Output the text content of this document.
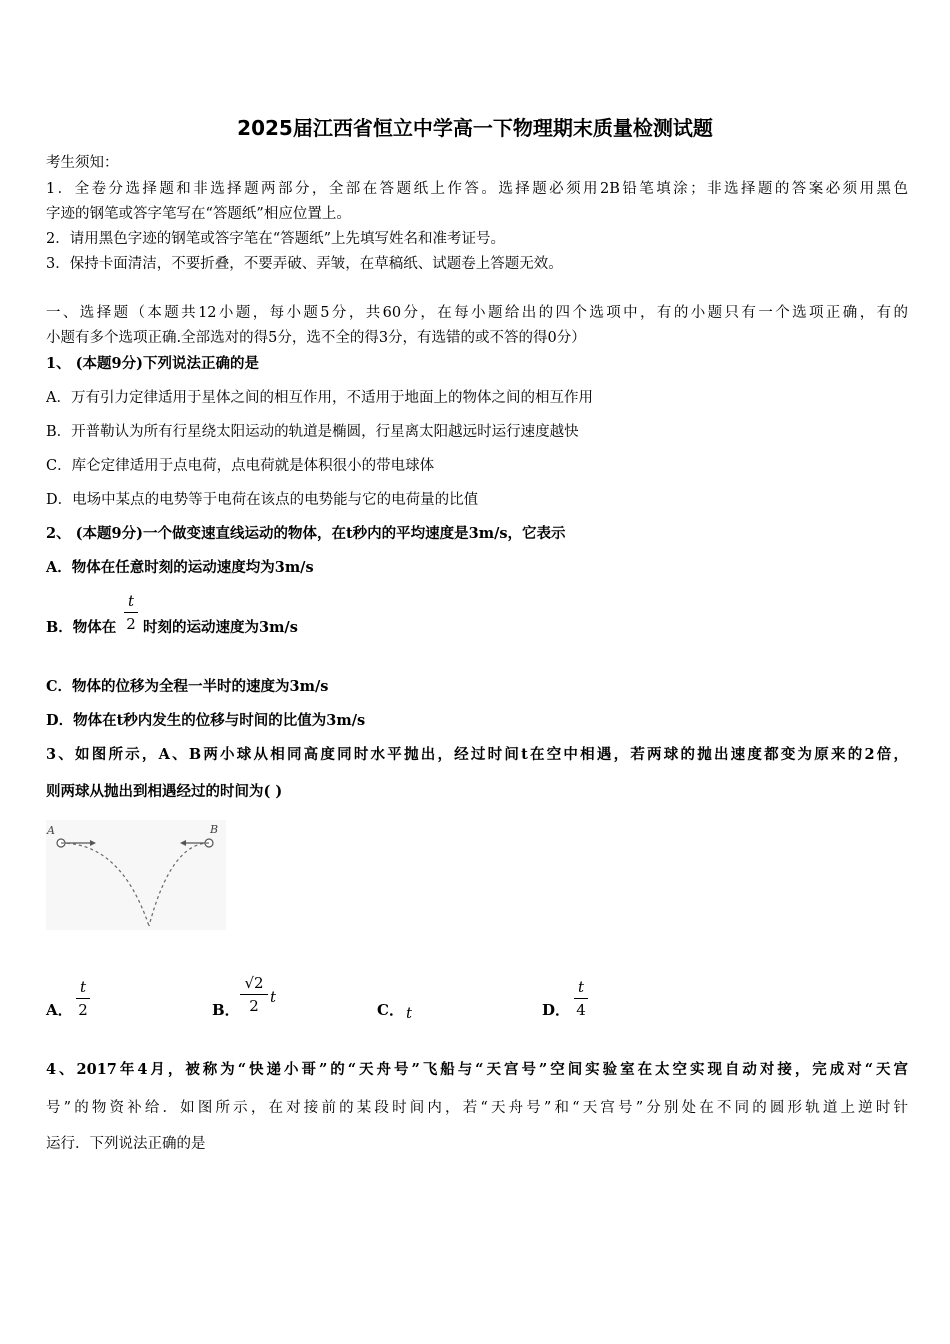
2025届江西省恒立中学高一下物理期末质量检测试题
考生须知：
1．全卷分选择题和非选择题两部分，全部在答题纸上作答。选择题必须用2B铅笔填涂；非选择题的答案必须用黑色
字迹的钢笔或答字笔写在“答题纸”相应位置上。
2．请用黑色字迹的钢笔或答字笔在“答题纸”上先填写姓名和准考证号。
3．保持卡面清洁，不要折叠，不要弄破、弄皱，在草稿纸、试题卷上答题无效。
一、选择题（本题共12小题，每小题5分，共60分，在每小题给出的四个选项中，有的小题只有一个选项正确，有的
小题有多个选项正确.全部选对的得5分，选不全的得3分，有选错的或不答的得0分）
1、 (本题9分)下列说法正确的是
A．万有引力定律适用于星体之间的相互作用，不适用于地面上的物体之间的相互作用
B．开普勒认为所有行星绕太阳运动的轨道是椭圆，行星离太阳越远时运行速度越快
C．库仑定律适用于点电荷，点电荷就是体积很小的带电球体
D．电场中某点的电势等于电荷在该点的电势能与它的电荷量的比值
2、 (本题9分)一个做变速直线运动的物体，在t秒内的平均速度是3m/s，它表示
A．物体在任意时刻的运动速度均为3m/s
B．物体在
t
2 时刻的运动速度为3m/s
C．物体的位移为全程一半时的速度为3m/s
D．物体在t秒内发生的位移与时间的比值为3m/s
3、如图所示，A、B两小球从相同高度同时水平抛出，经过时间t在空中相遇，若两球的抛出速度都变为原来的2倍，
则两球从抛出到相遇经过的时间为( )
A	B
A．
t
2	B．
√2
2 t
C． t	D．
t
4
4、2017年4月，被称为“快递小哥”的“天舟号”飞船与“天宫号”空间实验室在太空实现自动对接，完成对“天宫
号”的物资补给．如图所示，在对接前的某段时间内，若“天舟号”和“天宫号”分别处在不同的圆形轨道上逆时针
运行．下列说法正确的是
